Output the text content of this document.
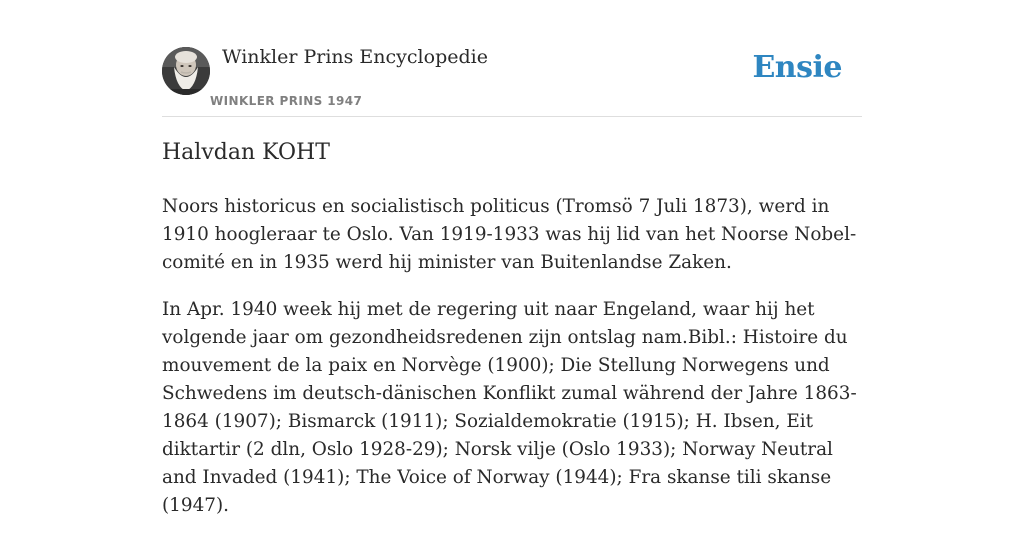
Winkler Prins Encyclopedie
WINKLER PRINS 1947
Ensie
Halvdan KOHT

Noors historicus en socialistisch politicus (Tromsö 7 Juli 1873), werd in 1910 hoogleraar te Oslo. Van 1919-1933 was hij lid van het Noorse Nobel-comité en in 1935 werd hij minister van Buitenlandse Zaken.

In Apr. 1940 week hij met de regering uit naar Engeland, waar hij het volgende jaar om gezondheidsredenen zijn ontslag nam.Bibl.: Histoire du mouvement de la paix en Norvège (1900); Die Stellung Norwegens und Schwedens im deutsch-dänischen Konflikt zumal während der Jahre 1863-1864 (1907); Bismarck (1911); Sozialdemokratie (1915); H. Ibsen, Eit diktartir (2 dln, Oslo 1928-29); Norsk vilje (Oslo 1933); Norway Neutral and Invaded (1941); The Voice of Norway (1944); Fra skanse tili skanse (1947).
